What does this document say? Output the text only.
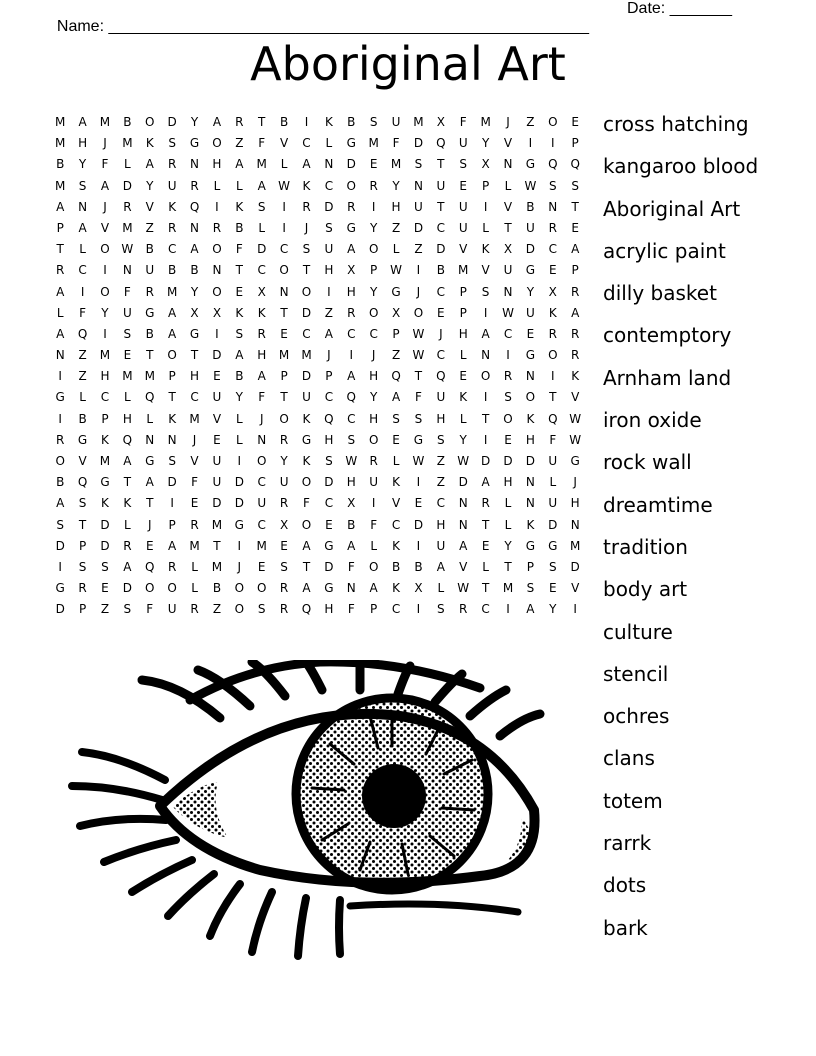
Name: ______________________________________________________

Date: _______

Aboriginal Art
M	A	M	B	O	D	Y	A	R	T	B	I	K	B	S	U	M	X	F	M	J	Z	O	E
M	H	J	M	K	S	G	O	Z	F	V	C	L	G	M	F	D	Q	U	Y	V	I	I	P
B	Y	F	L	A	R	N	H	A	M	L	A	N	D	E	M	S	T	S	X	N	G	Q	Q
M	S	A	D	Y	U	R	L	L	A	W	K	C	O	R	Y	N	U	E	P	L	W	S	S
A	N	J	R	V	K	Q	I	K	S	I	R	D	R	I	H	U	T	U	I	V	B	N	T
P	A	V	M	Z	R	N	R	B	L	I	J	S	G	Y	Z	D	C	U	L	T	U	R	E
T	L	O W	B	C	A	O	F	D	C	S	U	A	O	L	Z	D	V	K	X	D	C	A
R	C	I	N	U	B	B	N	T	C	O	T	H	X	P	W	I	B	M	V	U	G	E	P
A	I	O	F	R	M	Y	O	E	X	N	O	I	H	Y	G	J	C	P	S	N	Y	X	R
L	F	Y	U	G	A	X	X	K	K	T	D	Z	R	O	X	O	E	P	I	W	U	K	A
A	Q	I	S	B	A	G	I	S	R	E	C	A	C	C	P	W	J	H	A	C	E	R	R
N	Z	M	E	T	O	T	D	A	H	M	M	J	I	J	Z	W	C	L	N	I	G	O	R
I	Z	H	M	M	P	H	E	B	A	P	D	P	A	H	Q	T	Q	E	O	R	N	I	K
G	L	C	L	Q	T	C	U	Y	F	T	U	C	Q	Y	A	F	U	K	I	S	O	T	V
I	B	P	H	L	K	M	V	L	J	O	K	Q	C	H	S	S	H	L	T	O	K	Q W
R	G	K	Q	N	N	J	E	L	N	R	G	H	S	O	E	G	S	Y	I	E	H	F	W
O	V	M	A	G	S	V	U	I	O	Y	K	S	W	R	L	W	Z	W D	D	D	U	G
B	Q	G	T	A	D	F	U	D	C	U	O	D	H	U	K	I	Z	D	A	H	N	L	J
A	S	K	K	T	I	E	D	D	U	R	F	C	X	I	V	E	C	N	R	L	N	U	H
S	T	D	L	J	P	R	M	G	C	X	O	E	B	F	C	D	H	N	T	L	K	D	N
D	P	D	R	E	A	M	T	I	M	E	A	G	A	L	K	I	U	A	E	Y	G	G	M
I	S	S	A	Q	R	L	M	J	E	S	T	D	F	O	B	B	A	V	L	T	P	S	D
G	R	E	D	O	O	L	B	O	O	R	A	G	N	A	K	X	L	W	T	M	S	E	V
D	P	Z	S	F	U	R	Z	O	S	R	Q	H	F	P	C	I	S	R	C	I	A	Y	I
cross hatching
kangaroo blood
Aboriginal Art
acrylic paint
dilly basket
contemptory
Arnham land
iron oxide
rock wall
dreamtime
tradition
body art
culture
stencil
ochres
clans
totem
rarrk
dots
bark
